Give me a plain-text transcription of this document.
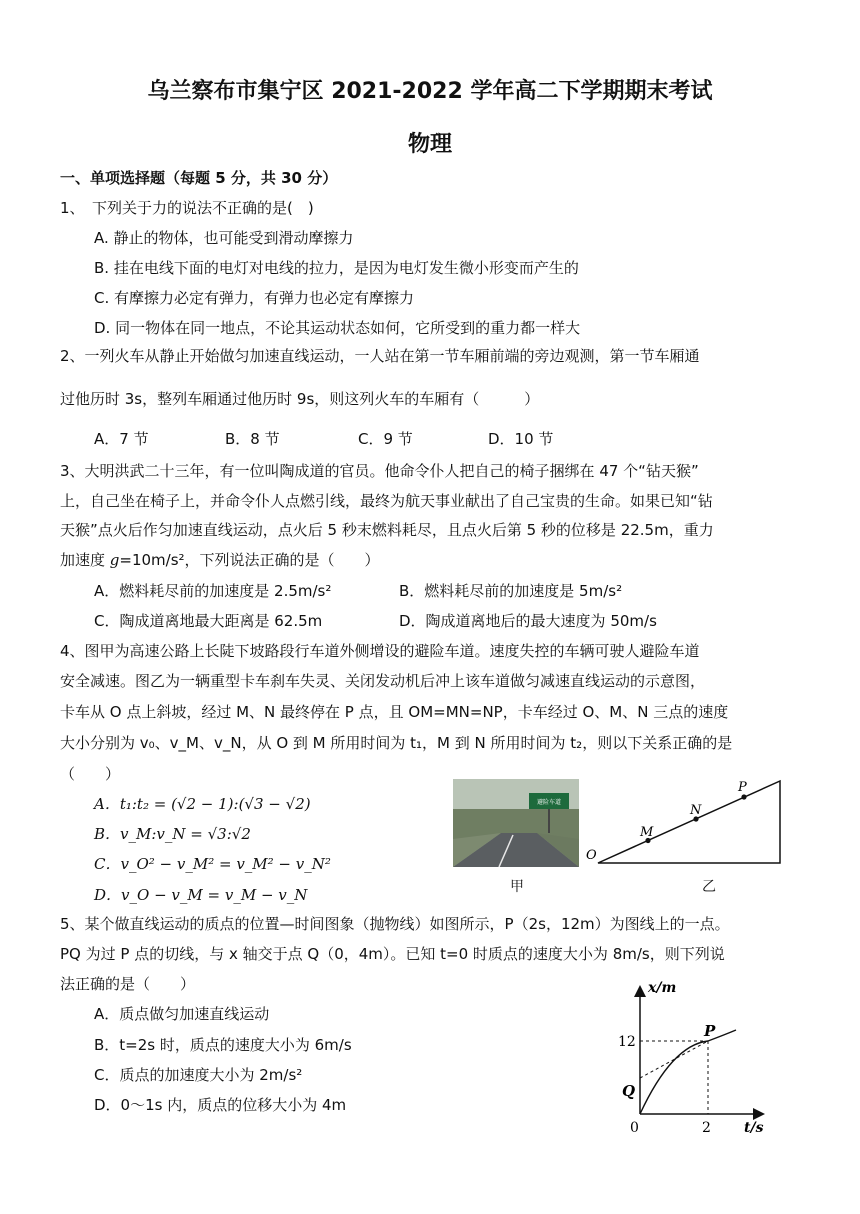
乌兰察布市集宁区 2021-2022 学年高二下学期期末考试
物理
一、单项选择题（每题 5 分，共 30 分）
1、　下列关于力的说法不正确的是(　)
A. 静止的物体，也可能受到滑动摩擦力
B. 挂在电线下面的电灯对电线的拉力，是因为电灯发生微小形变而产生的
C. 有摩擦力必定有弹力，有弹力也必定有摩擦力
D. 同一物体在同一地点，不论其运动状态如何，它所受到的重力都一样大
2、一列火车从静止开始做匀加速直线运动，一人站在第一节车厢前端的旁边观测，第一节车厢通
过他历时 3s，整列车厢通过他历时 9s，则这列火车的车厢有（　　　）
A．7 节	B．8 节	C．9 节	D．10 节
3、大明洪武二十三年，有一位叫陶成道的官员。他命令仆人把自己的椅子捆绑在 47 个“钻天猴”
上，自己坐在椅子上，并命令仆人点燃引线，最终为航天事业献出了自己宝贵的生命。如果已知“钻
天猴”点火后作匀加速直线运动，点火后 5 秒末燃料耗尽，且点火后第 5 秒的位移是 22.5m，重力
加速度 g=10m/s²，下列说法正确的是（　　）
A．燃料耗尽前的加速度是 2.5m/s²	B．燃料耗尽前的加速度是 5m/s²
C．陶成道离地最大距离是 62.5m	D．陶成道离地后的最大速度为 50m/s
4、图甲为高速公路上长陡下坡路段行车道外侧增设的避险车道。速度失控的车辆可驶人避险车道
安全减速。图乙为一辆重型卡车刹车失灵、关闭发动机后冲上该车道做匀减速直线运动的示意图，
卡车从 O 点上斜坡，经过 M、N 最终停在 P 点，且 OM=MN=NP，卡车经过 O、M、N 三点的速度
大小分别为 v₀、v_M、v_N，从 O 到 M 所用时间为 t₁，M 到 N 所用时间为 t₂，则以下关系正确的是
（　　）
A．t₁:t₂ = (√2 − 1):(√3 − √2)
B．v_M:v_N = √3:√2
C．v_O² − v_M² = v_M² − v_N²
D．v_O − v_M = v_M − v_N
避险车道
甲
O
M
N
P
乙
5、某个做直线运动的质点的位置—时间图象（抛物线）如图所示，P（2s，12m）为图线上的一点。
PQ 为过 P 点的切线，与 x 轴交于点 Q（0，4m）。已知 t=0 时质点的速度大小为 8m/s，则下列说
法正确的是（　　）
A．质点做匀加速直线运动
B．t=2s 时，质点的速度大小为 6m/s
C．质点的加速度大小为 2m/s²
D．0～1s 内，质点的位移大小为 4m
x/m
t/s
12
2
0
P
Q
